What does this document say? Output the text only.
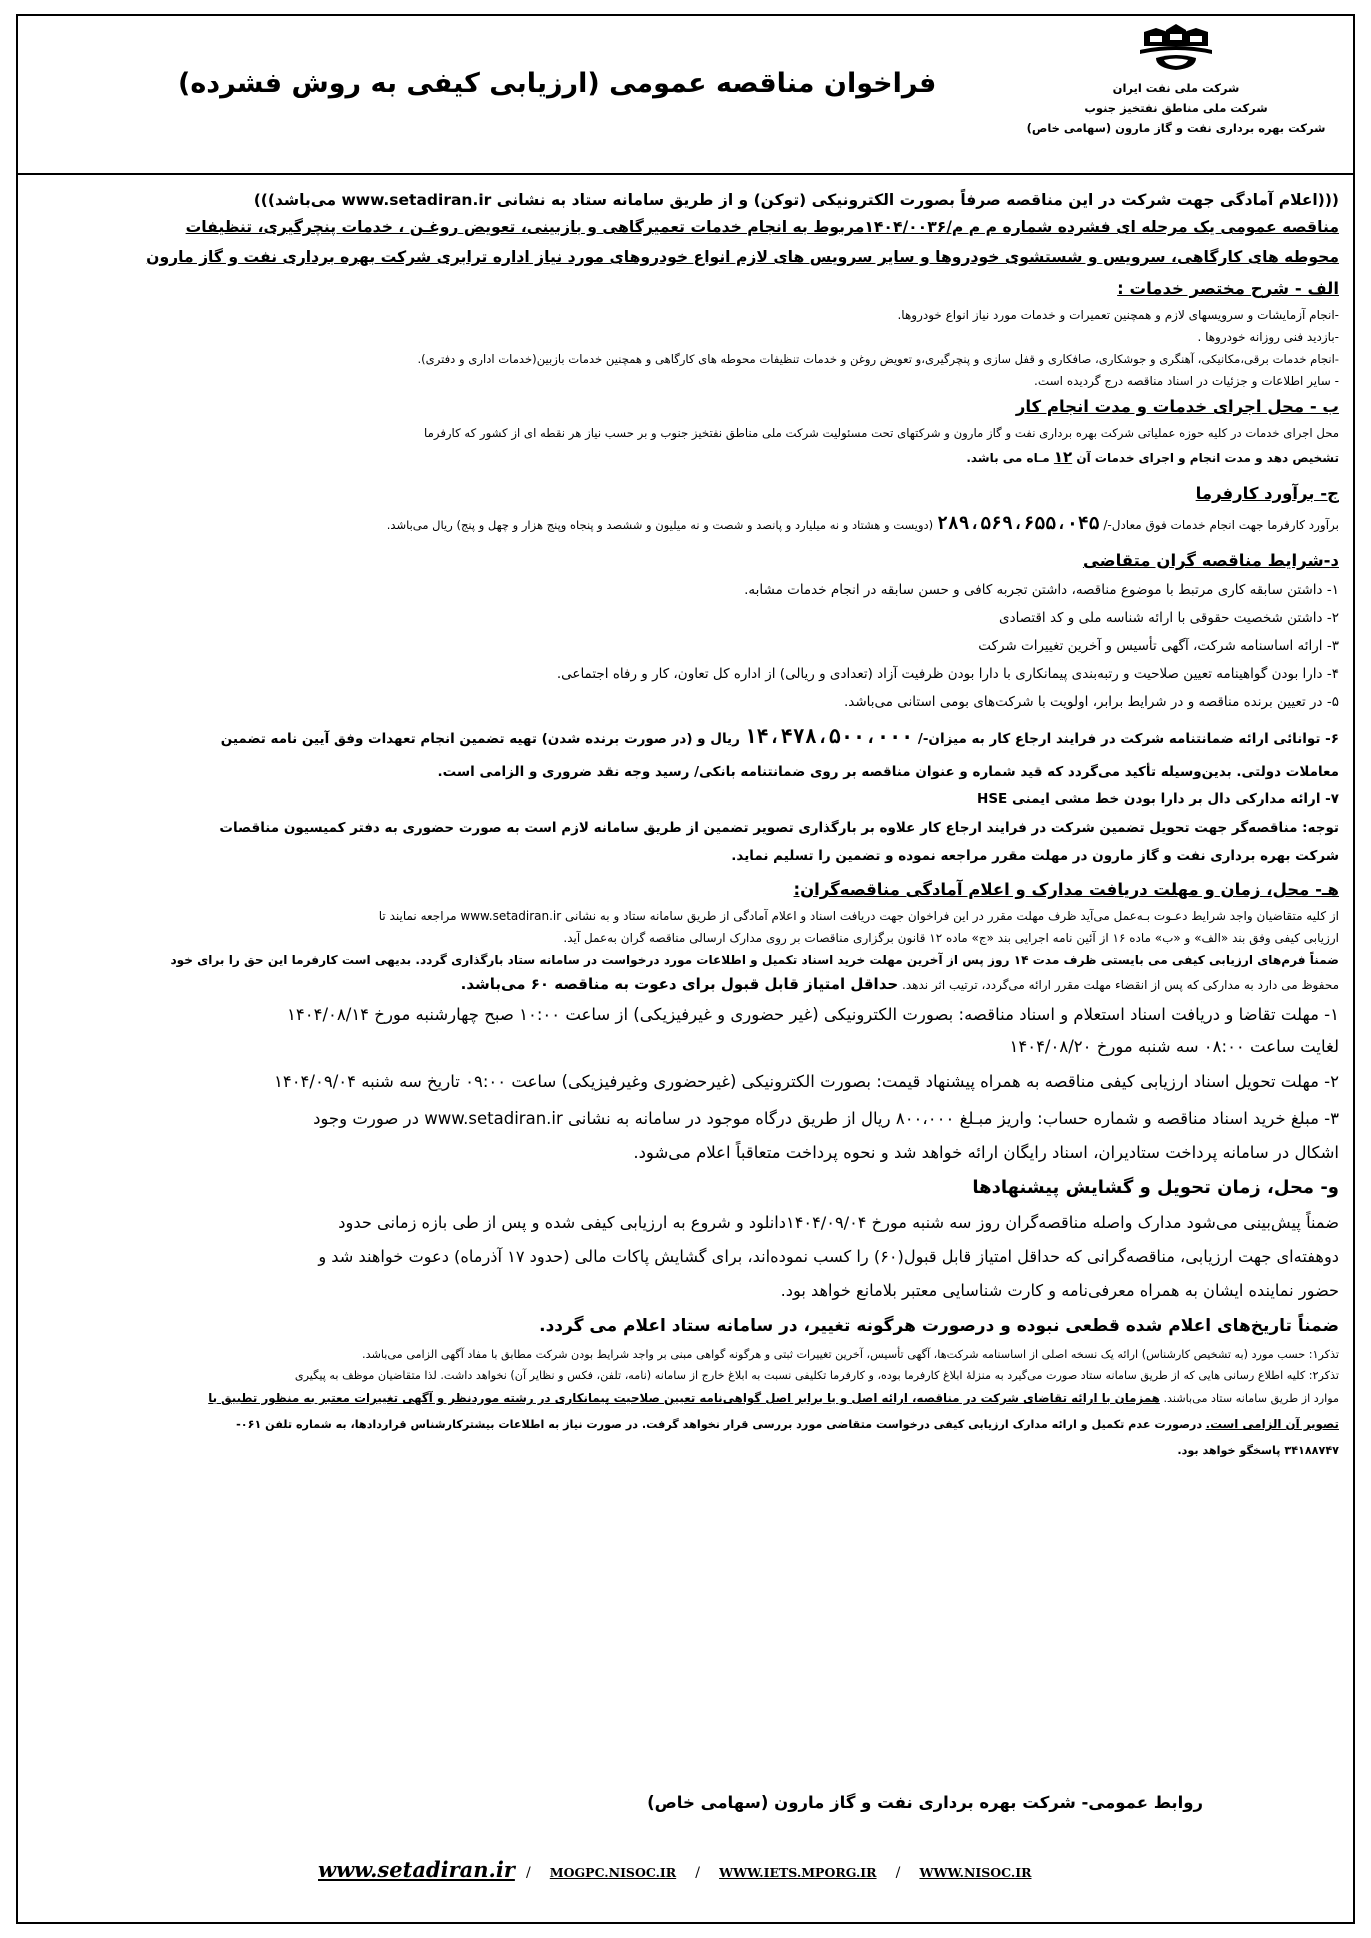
شرکت ملی نفت ایران
شرکت ملی مناطق نفتخیز جنوب
شرکت بهره برداری نفت و گاز مارون (سهامی خاص)
فراخوان مناقصه عمومی (ارزیابی کیفی به روش فشرده)
(((اعلام آمادگی جهت شرکت در این مناقصه صرفاً بصورت الکترونیکی (توکن) و از طریق سامانه ستاد به نشانی www.setadiran.ir می‌باشد)))
مناقصه عمومی یک مرحله ای فشرده شماره م م م/۱۴۰۴/۰۰۳۶مربوط به انجام خدمات تعمیرگاهی و بازبینی، تعویض روغـن ، خدمات پنچرگیری، تنظیفات
محوطه های کارگاهی، سرویس و شستشوی خودروها و سایر سرویس های لازم انواع خودروهای مورد نیاز اداره ترابری شرکت بهره برداری نفت و گاز مارون
الف - شرح مختصر خدمات :
-انجام آزمایشات و سرویسهای لازم و همچنین تعمیرات و خدمات مورد نیاز انواع خودروها.
-بازدید فنی روزانه خودروها .
-انجام خدمات برقی،مکانیکی، آهنگری و جوشکاری، صافکاری و قفل سازی و پنچرگیری،و تعویض روغن و خدمات تنظیفات محوطه های کارگاهی و همچنین خدمات بازبین(خدمات اداری و دفتری).
- سایر اطلاعات و جزئیات در اسناد مناقصه درج گردیده است.
ب - محل اجرای خدمات و مدت انجام کار
محل اجرای خدمات در کلیه حوزه عملیاتی شرکت بهره برداری نفت و گاز مارون و شرکتهای تحت مسئولیت شرکت ملی مناطق نفتخیز جنوب و بر حسب نیاز هر نقطه ای از کشور که کارفرما
تشخیص دهد و مدت انجام و اجرای خدمات آن ۱۲ مـاه می باشد.
ج- برآورد کارفرما
برآورد کارفرما جهت انجام خدمات فوق معادل-/ ۲۸۹،۵۶۹،۶۵۵،۰۴۵ (دویست و هشتاد و نه میلیارد و پانصد و شصت و نه میلیون و ششصد و پنجاه وپنج هزار و چهل و پنج) ریال می‌باشد.
د-شرایط مناقصه گران متقاضی
۱- داشتن سابقه کاری مرتبط با موضوع مناقصه، داشتن تجربه کافی و حسن سابقه در انجام خدمات مشابه.
۲- داشتن شخصیت حقوقی با ارائه شناسه ملی و کد اقتصادی
۳- ارائه اساسنامه شرکت، آگهی تأسیس و آخرین تغییرات شرکت
۴- دارا بودن گواهینامه تعیین صلاحیت و رتبه‌بندی پیمانکاری با دارا بودن ظرفیت آزاد (تعدادی و ریالی) از اداره کل تعاون، کار و رفاه اجتماعی.
۵- در تعیین برنده مناقصه و در شرایط برابر، اولویت با شرکت‌های بومی استانی می‌باشد.
۶- توانائی ارائه ضمانتنامه شرکت در فرایند ارجاع کار به میزان-/ ۱۴،۴۷۸،۵۰۰،۰۰۰ ریال و (در صورت برنده شدن) تهیه تضمین انجام تعهدات وفق آیین نامه تضمین
معاملات دولتی. بدین‌وسیله تأکید می‌گردد که قید شماره و عنوان مناقصه بر روی ضمانتنامه بانکی/ رسید وجه نقد ضروری و الزامی است.
۷- ارائه مدارکی دال بر دارا بودن خط مشی ایمنی HSE
توجه: مناقصه‌گر جهت تحویل تضمین شرکت در فرایند ارجاع کار علاوه بر بارگذاری تصویر تضمین از طریق سامانه لازم است به صورت حضوری به دفتر کمیسیون مناقصات
شرکت بهره برداری نفت و گاز مارون در مهلت مقرر مراجعه نموده و تضمین را تسلیم نماید.
هـ- محل، زمان و مهلت دریافت مدارک و اعلام آمادگی مناقصه‌گران:
از کلیه متقاضیان واجد شرایط دعـوت بـه‌عمل می‌آید ظرف مهلت مقرر در این فراخوان جهت دریافت اسناد و اعلام آمادگی از طریق سامانه ستاد و به نشانی www.setadiran.ir مراجعه نمایند تا
ارزیابی کیفی وفق بند «الف» و «ب» ماده ۱۶ از آئین نامه اجرایی بند «ج» ماده ۱۲ قانون برگزاری مناقصات بر روی مدارک ارسالی مناقصه گران به‌عمل آید.
ضمناً فرم‌های ارزیابی کیفی می بایستی ظرف مدت ۱۴ روز پس از آخرین مهلت خرید اسناد تکمیل و اطلاعات مورد درخواست در سامانه ستاد بارگذاری گردد. بدیهی است کارفرما این حق را برای خود
محفوظ می دارد به مدارکی که پس از انقضاء مهلت مقرر ارائه می‌گردد، ترتیب اثر ندهد. حداقل امتیاز قابل قبول برای دعوت به مناقصه ۶۰ می‌باشد.
۱- مهلت تقاضا و دریافت اسناد استعلام و اسناد مناقصه: بصورت الکترونیکی (غیر حضوری و غیرفیزیکی) از ساعت ۱۰:۰۰ صبح چهارشنبه مورخ ۱۴۰۴/۰۸/۱۴
لغایت ساعت ۰۸:۰۰ سه شنبه مورخ ۱۴۰۴/۰۸/۲۰
۲- مهلت تحویل اسناد ارزیابی کیفی مناقصه به همراه پیشنهاد قیمت: بصورت الکترونیکی (غیرحضوری وغیرفیزیکی) ساعت ۰۹:۰۰ تاریخ سه شنبه ۱۴۰۴/۰۹/۰۴
۳- مبلغ خرید اسناد مناقصه و شماره حساب: واریز مبـلغ ۸۰۰،۰۰۰ ریال از طریق درگاه موجود در سامانه به نشانی www.setadiran.ir در صورت وجود
اشکال در سامانه پرداخت ستادیران، اسناد رایگان ارائه خواهد شد و نحوه پرداخت متعاقباً اعلام می‌شود.
و- محل، زمان تحویل و گشایش پیشنهادها
ضمناً پیش‌بینی می‌شود مدارک واصله مناقصه‌گران روز سه شنبه مورخ ۱۴۰۴/۰۹/۰۴دانلود و شروع به ارزیابی کیفی شده و پس از طی بازه زمانی حدود
دوهفته‌ای جهت ارزیابی، مناقصه‌گرانی که حداقل امتیاز قابل قبول(۶۰) را کسب نموده‌اند، برای گشایش پاکات مالی (حدود ۱۷ آذرماه) دعوت خواهند شد و
حضور نماینده ایشان به همراه معرفی‌نامه و کارت شناسایی معتبر بلامانع خواهد بود.
ضمناً تاریخ‌های اعلام شده قطعی نبوده و درصورت هرگونه تغییر، در سامانه ستاد اعلام می گردد.
تذکر۱: حسب مورد (به تشخیص کارشناس) ارائه یک نسخه اصلی از اساسنامه شرکت‌ها، آگهی تأسیس، آخرین تغییرات ثبتی و هرگونه گواهی مبنی بر واجد شرایط بودن شرکت مطابق با مفاد آگهی الزامی می‌باشد.
تذکر۲: کلیه اطلاع رسانی هایی که از طریق سامانه ستاد صورت می‌گیرد به منزلۀ ابلاغ کارفرما بوده، و کارفرما تکلیفی نسبت به ابلاغ خارج از سامانه (نامه، تلفن، فکس و نظایر آن) نخواهد داشت. لذا متقاضیان موظف به پیگیری
موارد از طریق سامانه ستاد می‌باشند. همزمان با ارائه تقاضای شرکت در مناقصه، ارائه اصل و یا برابر اصل گواهی‌نامه تعیین صلاحیت پیمانکاری در رشته موردنظر و آگهی تغییرات معتبر به منظور تطبیق با
تصویر آن الزامی است. درصورت عدم تکمیل و ارائه مدارک ارزیابی کیفی درخواست متقاضی مورد بررسی قرار نخواهد گرفت. در صورت نیاز به اطلاعات بیشتر‌کارشناس قراردادها، به شماره تلفن ۰۶۱-
۳۴۱۸۸۷۴۷ پاسخگو خواهد بود.
روابط عمومی- شرکت بهره برداری نفت و گاز مارون (سهامی خاص)
www.setadiran.ir / MOGPC.NISOC.IR / WWW.IETS.MPORG.IR / WWW.NISOC.IR
